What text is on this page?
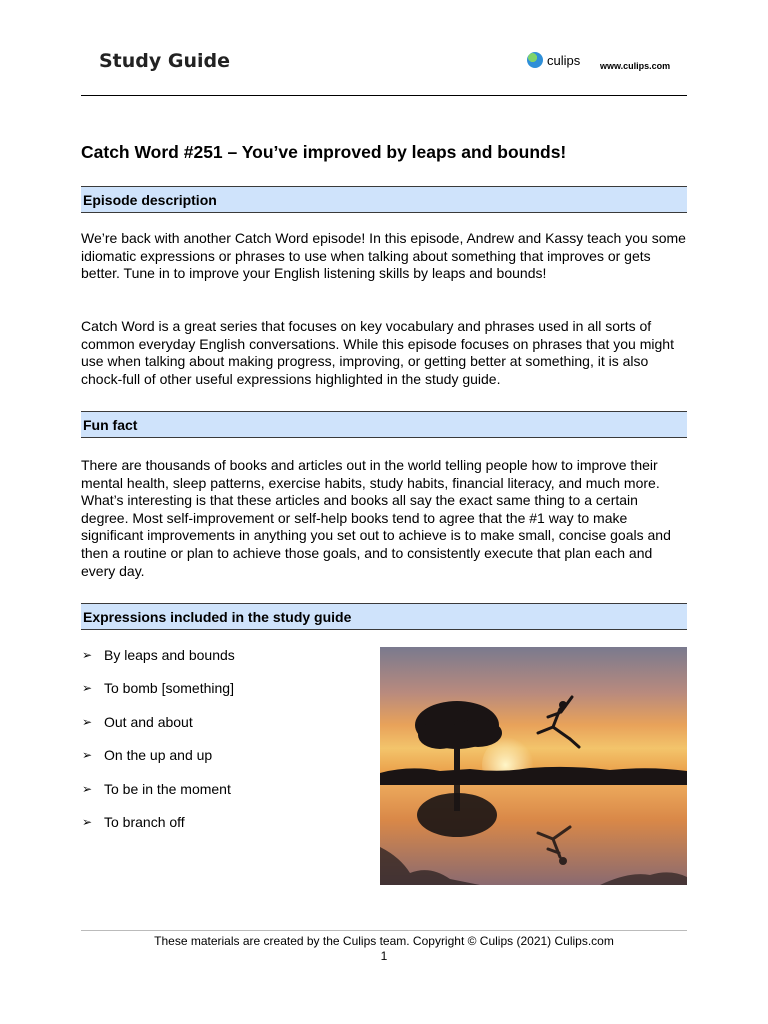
Study Guide	culips www.culips.com
Catch Word #251 – You’ve improved by leaps and bounds!
Episode description
We’re back with another Catch Word episode! In this episode, Andrew and Kassy teach you some idiomatic expressions or phrases to use when talking about something that improves or gets better. Tune in to improve your English listening skills by leaps and bounds!
Catch Word is a great series that focuses on key vocabulary and phrases used in all sorts of common everyday English conversations. While this episode focuses on phrases that you might use when talking about making progress, improving, or getting better at something, it is also chock-full of other useful expressions highlighted in the study guide.
Fun fact
There are thousands of books and articles out in the world telling people how to improve their mental health, sleep patterns, exercise habits, study habits, financial literacy, and much more. What’s interesting is that these articles and books all say the exact same thing to a certain degree. Most self-improvement or self-help books tend to agree that the #1 way to make significant improvements in anything you set out to achieve is to make small, concise goals and then a routine or plan to achieve those goals, and to consistently execute that plan each and every day.
Expressions included in the study guide
➢ By leaps and bounds
➢ To bomb [something]
➢ Out and about
➢ On the up and up
➢ To be in the moment
➢ To branch off
These materials are created by the Culips team. Copyright © Culips (2021) Culips.com
1
